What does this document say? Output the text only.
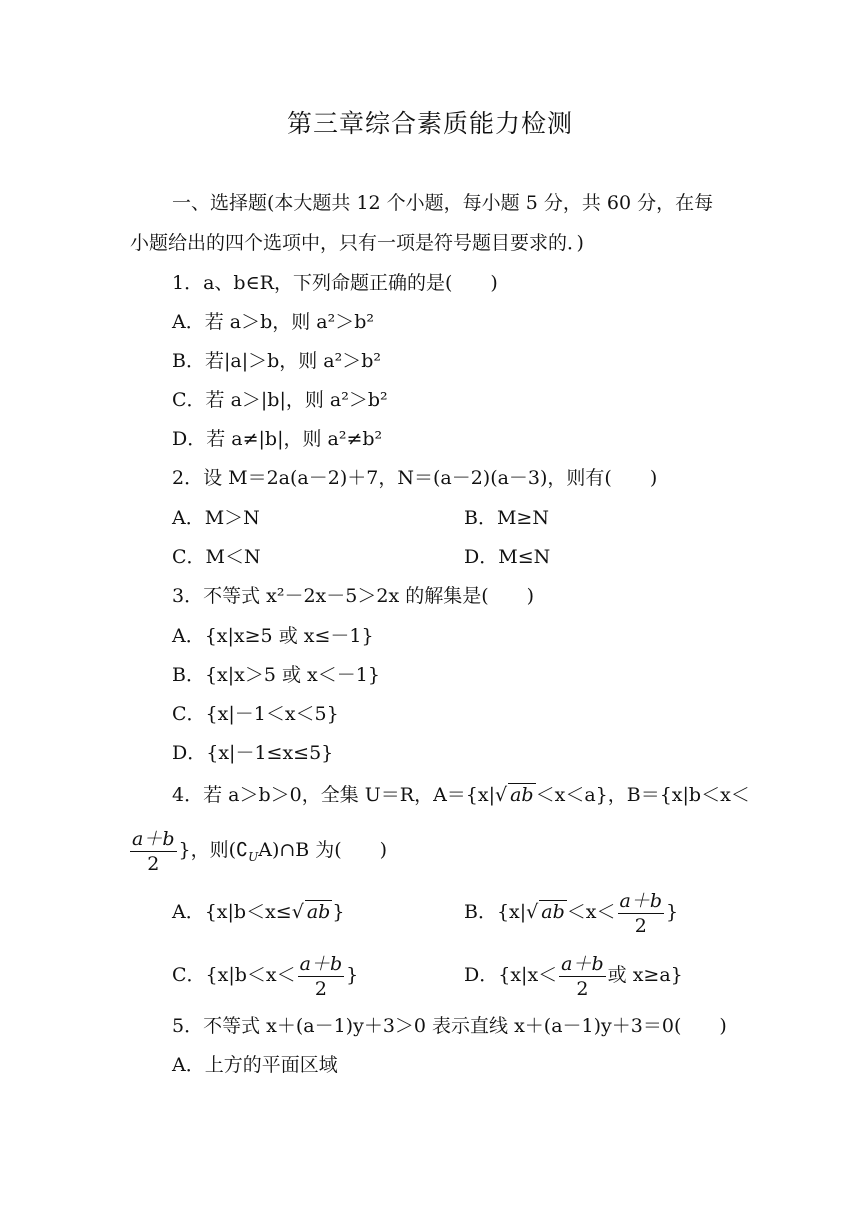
第三章综合素质能力检测
一、选择题(本大题共 12 个小题，每小题 5 分，共 60 分，在每
小题给出的四个选项中，只有一项是符号题目要求的．)
1．a、b∈R，下列命题正确的是(　　)
A．若 a＞b，则 a²＞b²
B．若|a|＞b，则 a²＞b²
C．若 a＞|b|，则 a²＞b²
D．若 a≠|b|，则 a²≠b²
2．设 M＝2a(a－2)＋7，N＝(a－2)(a－3)，则有(　　)
A．M＞N	B．M≥N
C．M＜N	D．M≤N
3．不等式 x²－2x－5＞2x 的解集是(　　)
A．{x|x≥5 或 x≤－1}
B．{x|x＞5 或 x＜－1}
C．{x|－1＜x＜5}
D．{x|－1≤x≤5}
4．若 a＞b＞0，全集 U＝R，A＝{x|√ ab ＜x＜a}，B＝{x|b＜x＜
$\frac{a+b}{2}$ }，则$(∁_UA)\cap B$ 为(　　)
A．{x|b＜x≤√ ab }	B．{x|√ ab $<x< \frac{a+b}{2}$ }
C．{$x|b<x< \frac{a+b}{2}$ }	D．{$x|x< \frac{a+b}{2}$ 或 x≥a}
5．不等式 x＋(a－1)y＋3＞0 表示直线 x＋(a－1)y＋3＝0(　　)
A．上方的平面区域
